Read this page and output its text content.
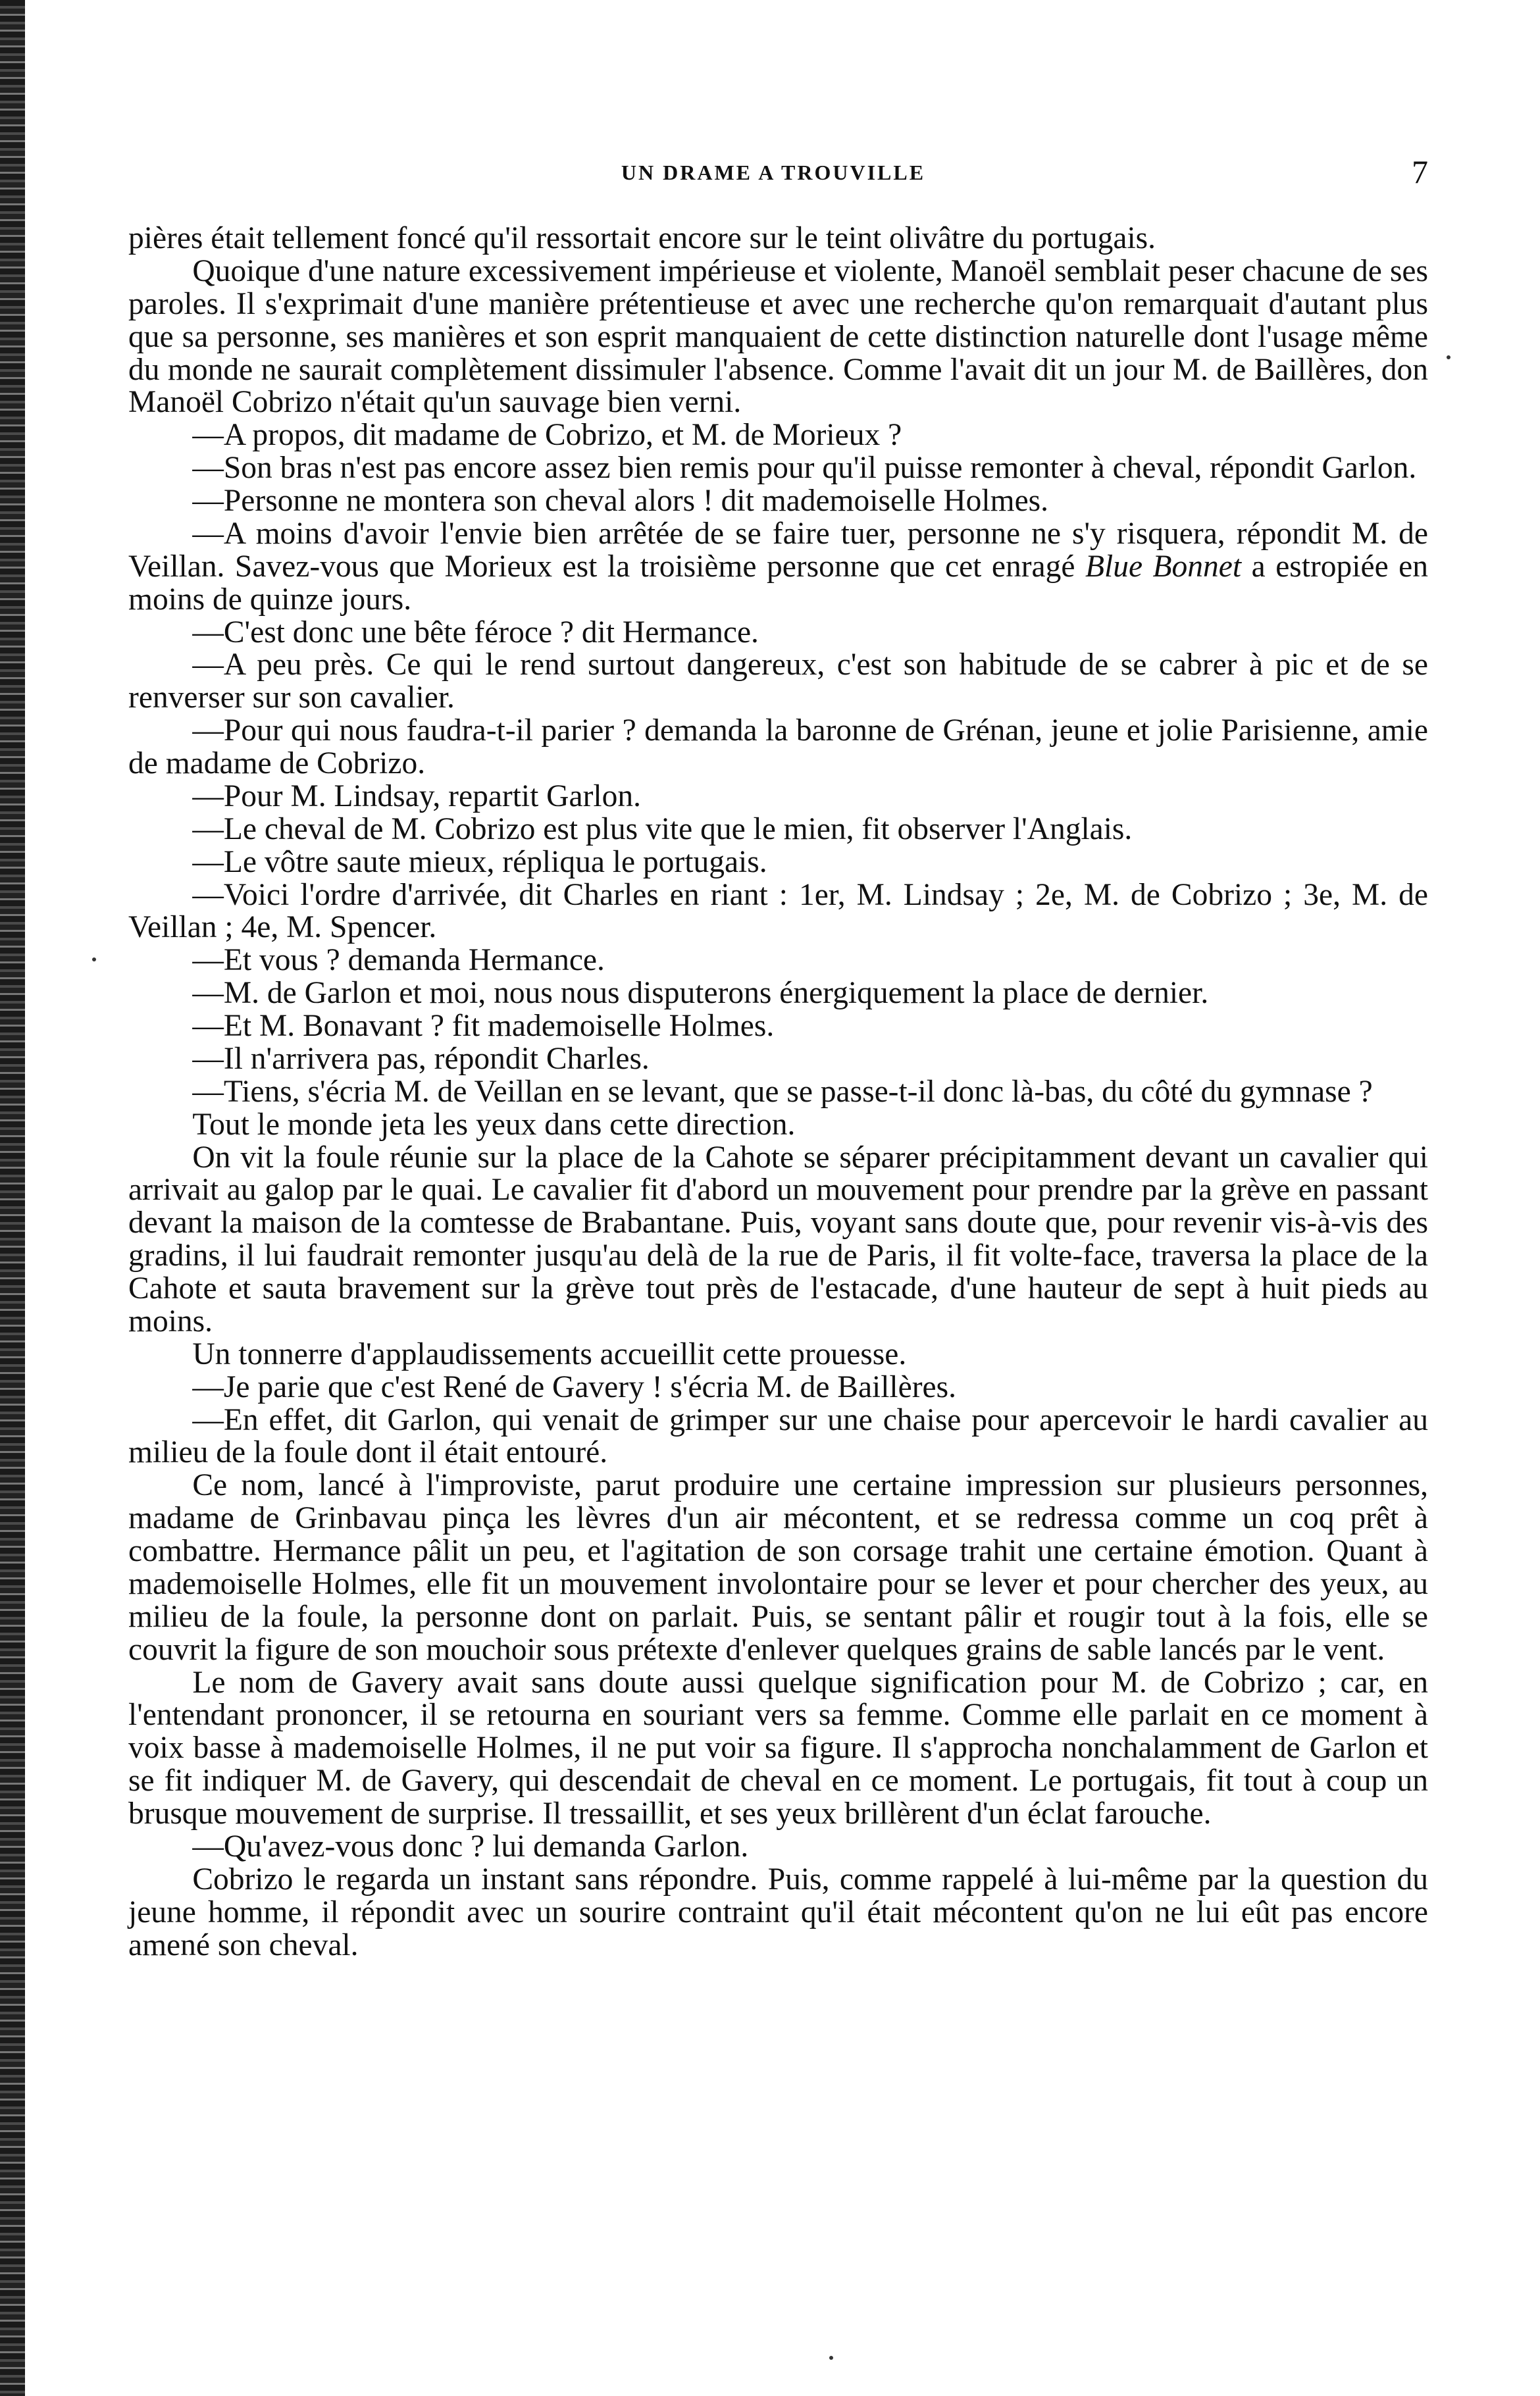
UN DRAME A TROUVILLE	7

pières était tellement foncé qu'il ressortait encore sur le teint olivâtre du portugais.

Quoique d'une nature excessivement impérieuse et violente, Manoël semblait peser chacune de ses paroles. Il s'exprimait d'une manière prétentieuse et avec une recherche qu'on remarquait d'autant plus que sa personne, ses manières et son esprit manquaient de cette distinction naturelle dont l'usage même du monde ne saurait complètement dissimuler l'absence. Comme l'avait dit un jour M. de Baillères, don Manoël Cobrizo n'était qu'un sauvage bien verni.

—A propos, dit madame de Cobrizo, et M. de Morieux ?

—Son bras n'est pas encore assez bien remis pour qu'il puisse remonter à cheval, répondit Garlon.

—Personne ne montera son cheval alors ! dit mademoiselle Holmes.

—A moins d'avoir l'envie bien arrêtée de se faire tuer, personne ne s'y risquera, répondit M. de Veillan. Savez-vous que Morieux est la troisième personne que cet enragé Blue Bonnet a estropiée en moins de quinze jours.

—C'est donc une bête féroce ? dit Hermance.

—A peu près. Ce qui le rend surtout dangereux, c'est son habitude de se cabrer à pic et de se renverser sur son cavalier.

—Pour qui nous faudra-t-il parier ? demanda la baronne de Grénan, jeune et jolie Parisienne, amie de madame de Cobrizo.

—Pour M. Lindsay, repartit Garlon.

—Le cheval de M. Cobrizo est plus vite que le mien, fit observer l'Anglais.

—Le vôtre saute mieux, répliqua le portugais.

—Voici l'ordre d'arrivée, dit Charles en riant : 1er, M. Lindsay ; 2e, M. de Cobrizo ; 3e, M. de Veillan ; 4e, M. Spencer.

—Et vous ? demanda Hermance.

—M. de Garlon et moi, nous nous disputerons énergiquement la place de dernier.

—Et M. Bonavant ? fit mademoiselle Holmes.

—Il n'arrivera pas, répondit Charles.

—Tiens, s'écria M. de Veillan en se levant, que se passe-t-il donc là-bas, du côté du gymnase ?

Tout le monde jeta les yeux dans cette direction.

On vit la foule réunie sur la place de la Cahote se séparer précipitamment devant un cavalier qui arrivait au galop par le quai. Le cavalier fit d'abord un mouvement pour prendre par la grève en passant devant la maison de la comtesse de Brabantane. Puis, voyant sans doute que, pour revenir vis-à-vis des gradins, il lui faudrait remonter jusqu'au delà de la rue de Paris, il fit volte-face, traversa la place de la Cahote et sauta bravement sur la grève tout près de l'estacade, d'une hauteur de sept à huit pieds au moins.

Un tonnerre d'applaudissements accueillit cette prouesse.

—Je parie que c'est René de Gavery ! s'écria M. de Baillères.

—En effet, dit Garlon, qui venait de grimper sur une chaise pour apercevoir le hardi cavalier au milieu de la foule dont il était entouré.

Ce nom, lancé à l'improviste, parut produire une certaine impression sur plusieurs personnes, madame de Grinbavau pinça les lèvres d'un air mécontent, et se redressa comme un coq prêt à combattre. Hermance pâlit un peu, et l'agitation de son corsage trahit une certaine émotion. Quant à mademoiselle Holmes, elle fit un mouvement involontaire pour se lever et pour chercher des yeux, au milieu de la foule, la personne dont on parlait. Puis, se sentant pâlir et rougir tout à la fois, elle se couvrit la figure de son mouchoir sous prétexte d'enlever quelques grains de sable lancés par le vent.

Le nom de Gavery avait sans doute aussi quelque signification pour M. de Cobrizo ; car, en l'entendant prononcer, il se retourna en souriant vers sa femme. Comme elle parlait en ce moment à voix basse à mademoiselle Holmes, il ne put voir sa figure. Il s'approcha nonchalamment de Garlon et se fit indiquer M. de Gavery, qui descendait de cheval en ce moment. Le portugais, fit tout à coup un brusque mouvement de surprise. Il tressaillit, et ses yeux brillèrent d'un éclat farouche.

—Qu'avez-vous donc ? lui demanda Garlon.

Cobrizo le regarda un instant sans répondre. Puis, comme rappelé à lui-même par la question du jeune homme, il répondit avec un sourire contraint qu'il était mécontent qu'on ne lui eût pas encore amené son cheval.
